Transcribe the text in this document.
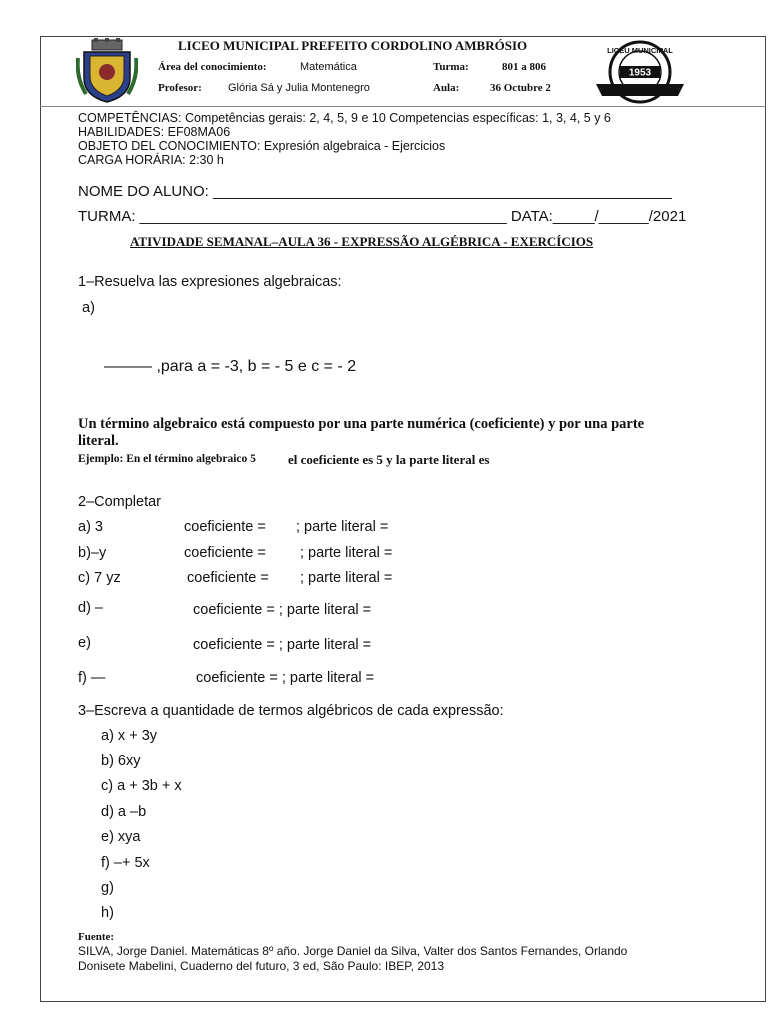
1953
LICEU MUNICIPAL
LICEO MUNICIPAL PREFEITO CORDOLINO AMBRÓSIO
Área del conocimiento:	Matemática	Turma:	801 a 806
Profesor: Glória Sá y Julia Montenegro	Aula:	36 Octubre 2
COMPETÊNCIAS: Competências gerais: 2, 4, 5, 9 e 10 Competencias específicas: 1, 3, 4, 5 y 6
HABILIDADES: EF08MA06
OBJETO DEL CONOCIMIENTO: Expresión algebraica - Ejercicios
CARGA HORÁRIA: 2:30 h
NOME DO ALUNO: _______________________________________________________
TURMA: ____________________________________________ DATA:_____/______/2021
ATIVIDADE SEMANAL–AULA 36 - EXPRESSÃO ALGÉBRICA - EXERCÍCIOS
1–Resuelva las expresiones algebraicas:
a)
——— ,para a = -3, b = - 5 e c = - 2
Un término algebraico está compuesto por una parte numérica (coeficiente) y por una parte
literal.
Ejemplo: En el término algebraico 5 el coeficiente es 5 y la parte literal es
2–Completar
a) 3	coeficiente = ; parte literal =
b)–y	coeficiente = ; parte literal =
c) 7 yz	coeficiente = ; parte literal =
d) –	coeficiente = ; parte literal =
e)	coeficiente = ; parte literal =
f) —	coeficiente = ; parte literal =
3–Escreva a quantidade de termos algébricos de cada expressão:
a) x + 3y
b) 6xy
c) a + 3b + x
d) a –b
e) xya
f) –+ 5x
g)
h)
Fuente:
SILVA, Jorge Daniel. Matemáticas 8º año. Jorge Daniel da Silva, Valter dos Santos Fernandes, Orlando
Donisete Mabelini, Cuaderno del futuro, 3 ed, São Paulo: IBEP, 2013
